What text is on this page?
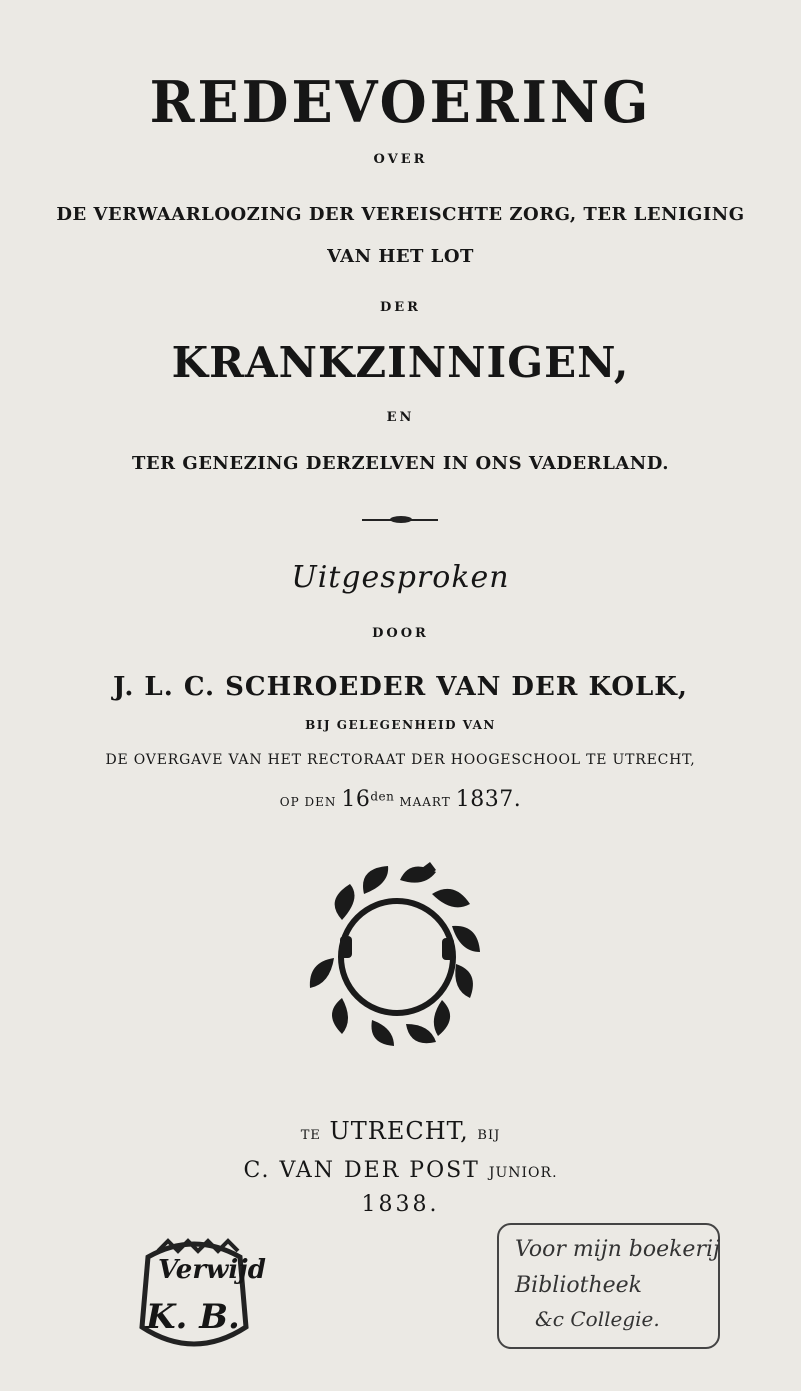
REDEVOERING
OVER
DE VERWAARLOOZING DER VEREISCHTE ZORG, TER LENIGING
VAN HET LOT
DER
KRANKZINNIGEN,
EN
TER GENEZING DERZELVEN IN ONS VADERLAND.
Uitgesproken
DOOR
J. L. C. SCHROEDER VAN DER KOLK,
BIJ GELEGENHEID VAN
DE OVERGAVE VAN HET RECTORAAT DER HOOGESCHOOL TE UTRECHT,
OP DEN $16^{den}$ MAART 1837.
TE UTRECHT, BIJ
C. VAN DER POST JUNIOR.
1838.
Verwijd
K. B.
Voor mijn boekerij
Bibliotheek
&c Collegie.
